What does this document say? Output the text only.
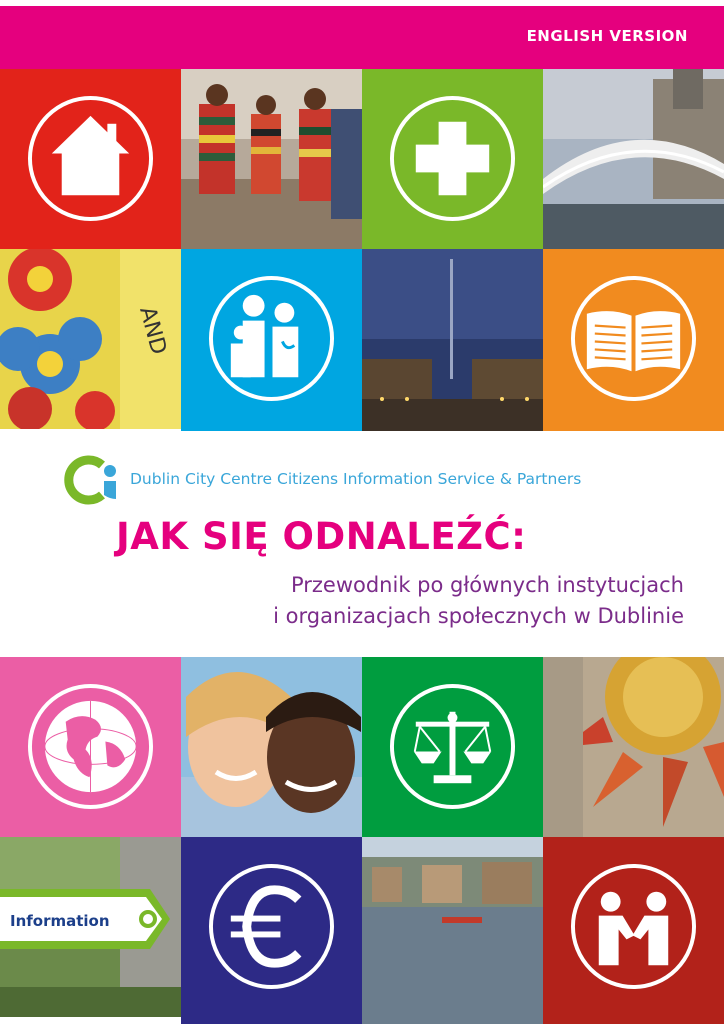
ENGLISH VERSION
AND
Dublin City Centre Citizens Information Service & Partners
JAK SIĘ ODNALEŹĆ:
Przewodnik po głównych instytucjach
i organizacjach społecznych w Dublinie
Information
